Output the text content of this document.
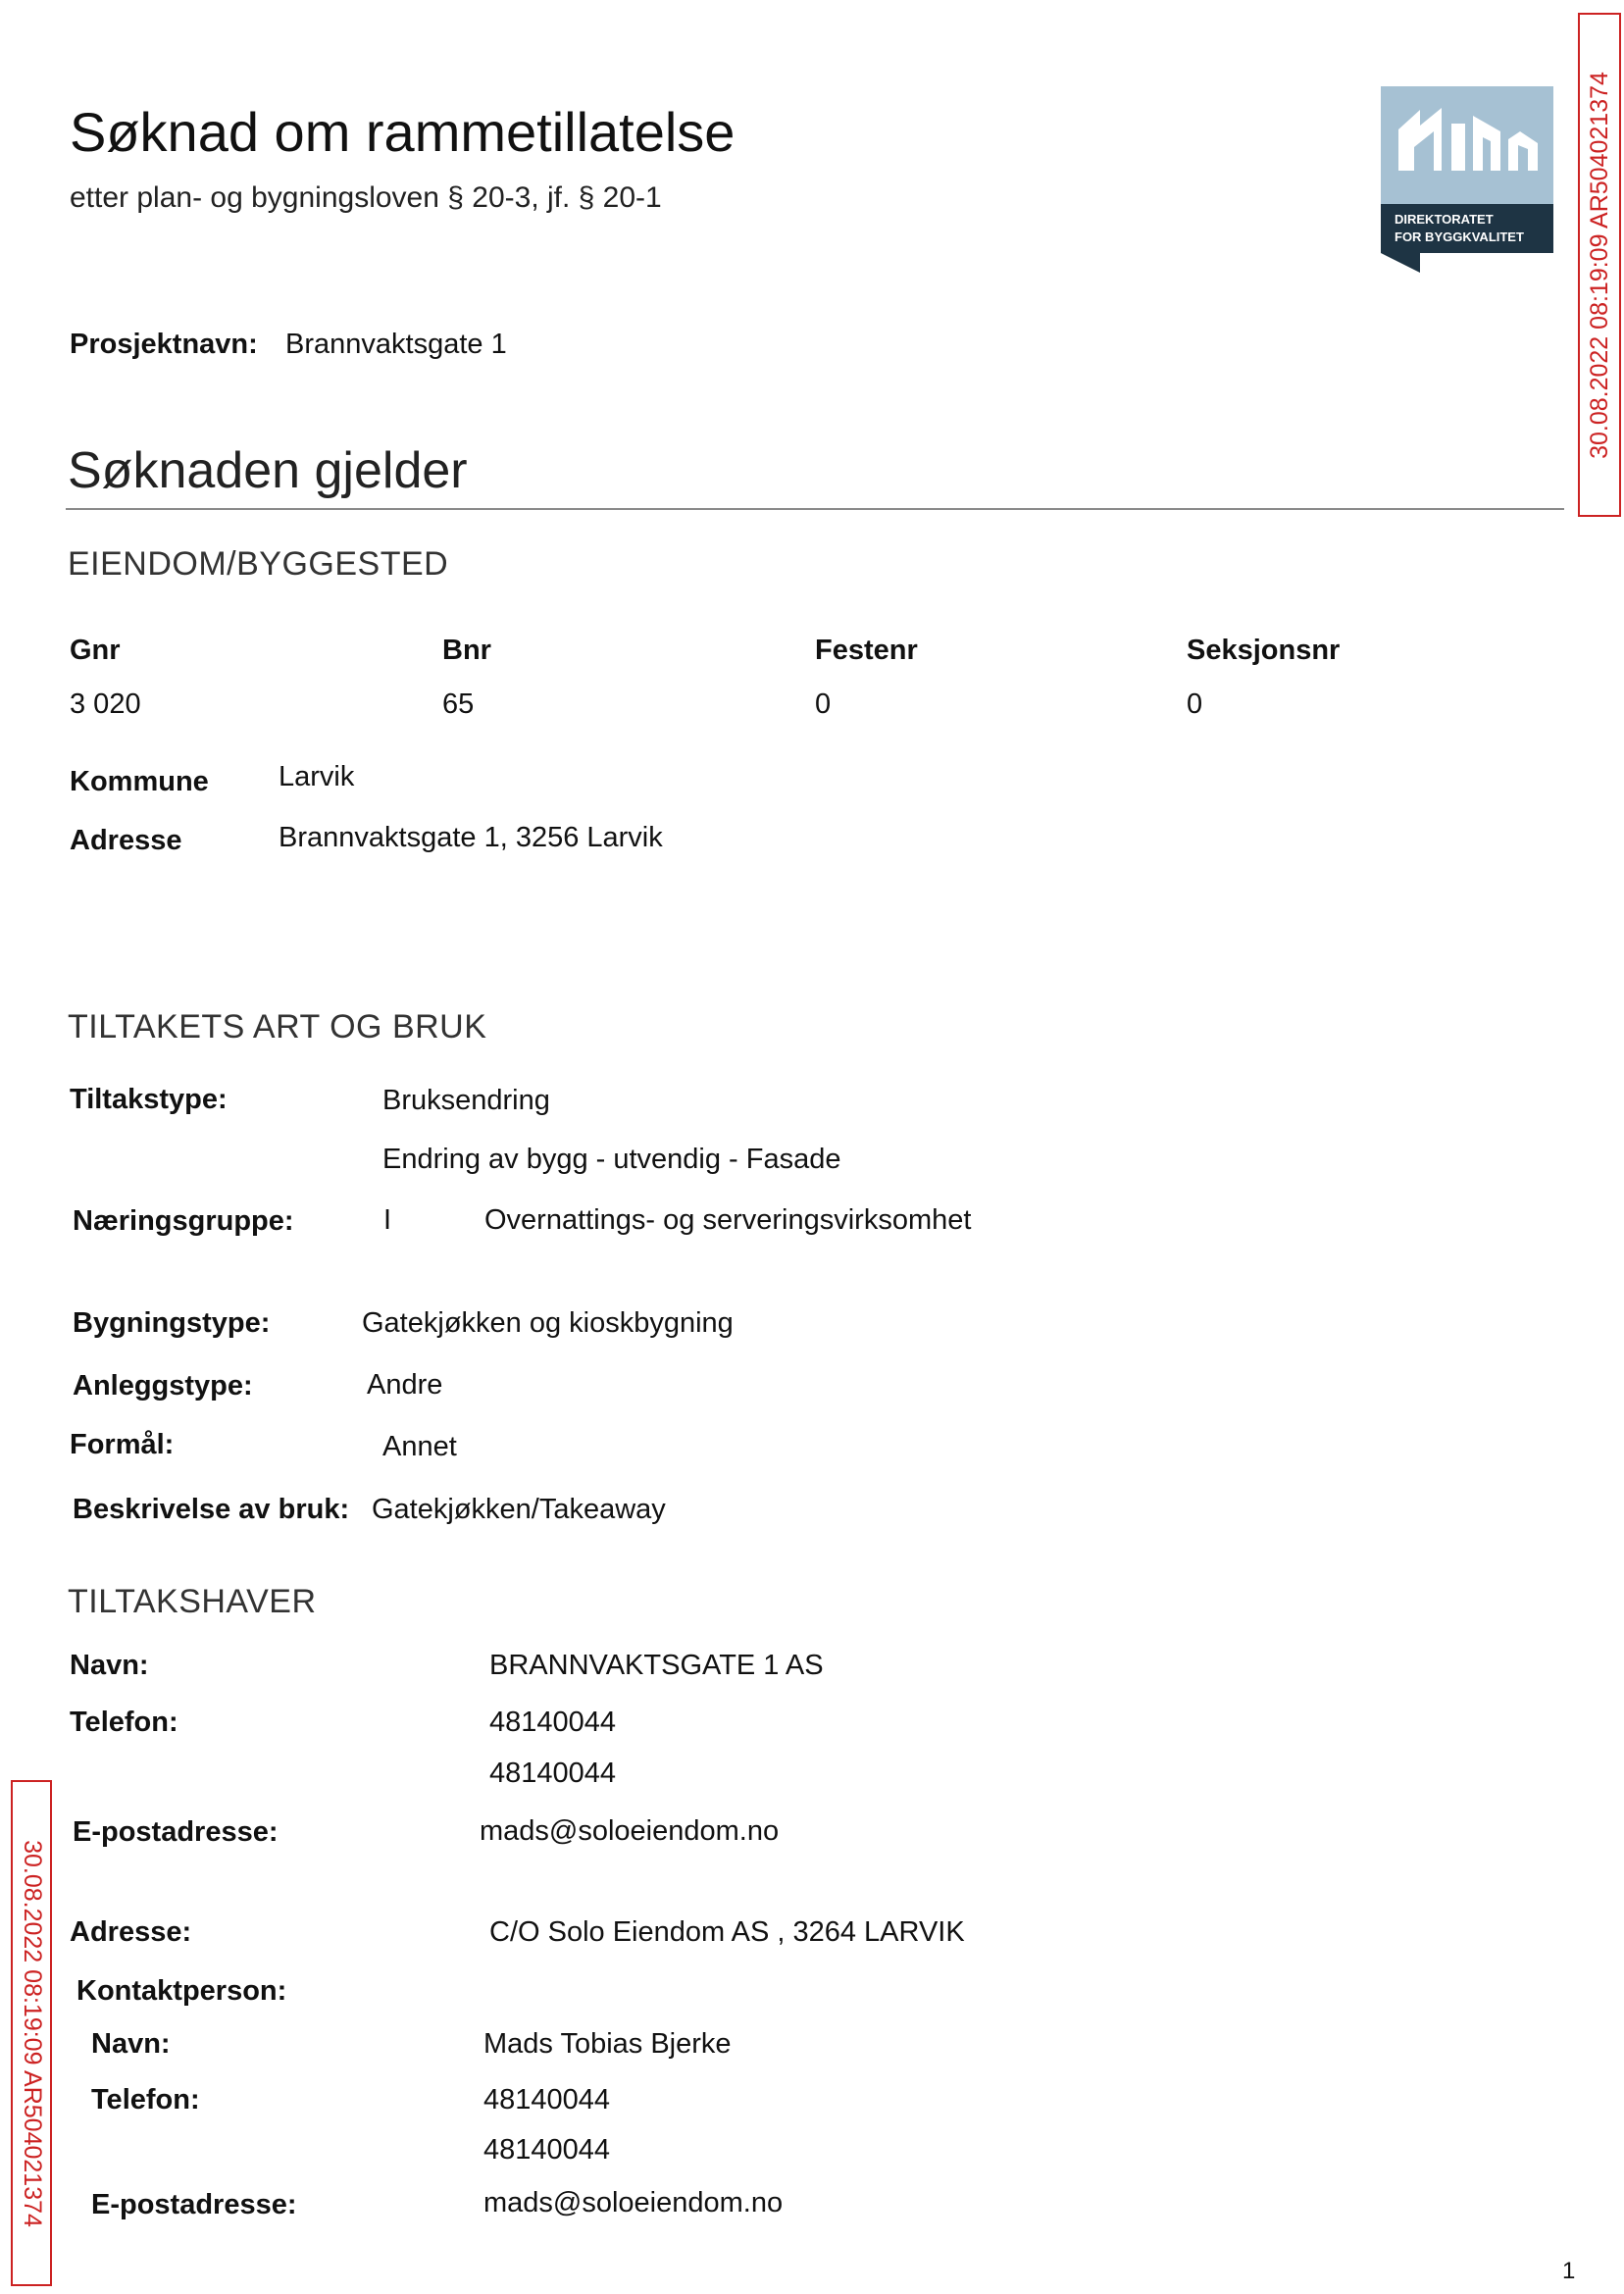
Søknad om rammetillatelse
etter plan- og bygningsloven § 20-3, jf. § 20-1
DIREKTORATET
FOR BYGGKVALITET	30.08.2022 08:19:09 AR504021374
Prosjektnavn: Brannvaktsgate 1
Søknaden gjelder
EIENDOM/BYGGESTED
Gnr	Bnr	Festenr	Seksjonsnr
3 020	65	0	0
Kommune Larvik
Adresse	Brannvaktsgate 1, 3256 Larvik
TILTAKETS ART OG BRUK
Tiltakstype:	Bruksendring
Endring av bygg - utvendig - Fasade
Næringsgruppe:	I	Overnattings- og serveringsvirksomhet
Bygningstype:	Gatekjøkken og kioskbygning
Anleggstype:	Andre
Formål:	Annet
Beskrivelse av bruk: Gatekjøkken/Takeaway
TILTAKSHAVER
Navn:	BRANNVAKTSGATE 1 AS
Telefon:	48140044
48140044
E-postadresse:	mads@soloeiendom.no
Adresse:	C/O Solo Eiendom AS , 3264 LARVIK
Kontaktperson:
Navn:	Mads Tobias Bjerke
Telefon:	48140044
48140044
E-postadresse:	mads@soloeiendom.no
30.08.2022 08:19:09 AR504021374
1
